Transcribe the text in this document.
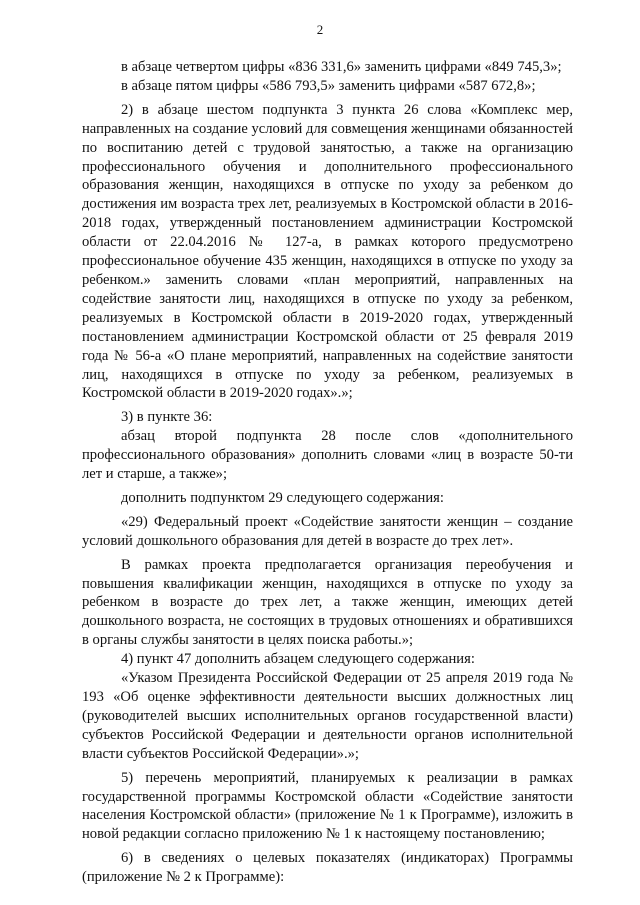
2

в абзаце четвертом цифры «836 331,6» заменить цифрами «849 745,3»;

в абзаце пятом цифры «586 793,5» заменить цифрами «587 672,8»;

2) в абзаце шестом подпункта 3 пункта 26 слова «Комплекс мер, направленных на создание условий для совмещения женщинами обязанностей по воспитанию детей с трудовой занятостью, а также на организацию профессионального обучения и дополнительного профессионального образования женщин, находящихся в отпуске по уходу за ребенком до достижения им возраста трех лет, реализуемых в Костромской области в 2016-2018 годах, утвержденный постановлением администрации Костромской области от 22.04.2016 № 127-а, в рамках которого предусмотрено профессиональное обучение 435 женщин, находящихся в отпуске по уходу за ребенком.» заменить словами «план мероприятий, направленных на содействие занятости лиц, находящихся в отпуске по уходу за ребенком, реализуемых в Костромской области в 2019-2020 годах, утвержденный постановлением администрации Костромской области от 25 февраля 2019 года № 56-а «О плане мероприятий, направленных на содействие занятости лиц, находящихся в отпуске по уходу за ребенком, реализуемых в Костромской области в 2019-2020 годах».»;

3) в пункте 36:

абзац второй подпункта 28 после слов «дополнительного профессионального образования» дополнить словами «лиц в возрасте 50-ти лет и старше, а также»;

дополнить подпунктом 29 следующего содержания:

«29) Федеральный проект «Содействие занятости женщин – создание условий дошкольного образования для детей в возрасте до трех лет».

В рамках проекта предполагается организация переобучения и повышения квалификации женщин, находящихся в отпуске по уходу за ребенком в возрасте до трех лет, а также женщин, имеющих детей дошкольного возраста, не состоящих в трудовых отношениях и обратившихся в органы службы занятости в целях поиска работы.»;

4) пункт 47 дополнить абзацем следующего содержания:

«Указом Президента Российской Федерации от 25 апреля 2019 года № 193 «Об оценке эффективности деятельности высших должностных лиц (руководителей высших исполнительных органов государственной власти) субъектов Российской Федерации и деятельности органов исполнительной власти субъектов Российской Федерации».»;

5) перечень мероприятий, планируемых к реализации в рамках государственной программы Костромской области «Содействие занятости населения Костромской области» (приложение № 1 к Программе), изложить в новой редакции согласно приложению № 1 к настоящему постановлению;

6) в сведениях о целевых показателях (индикаторах) Программы (приложение № 2 к Программе):
